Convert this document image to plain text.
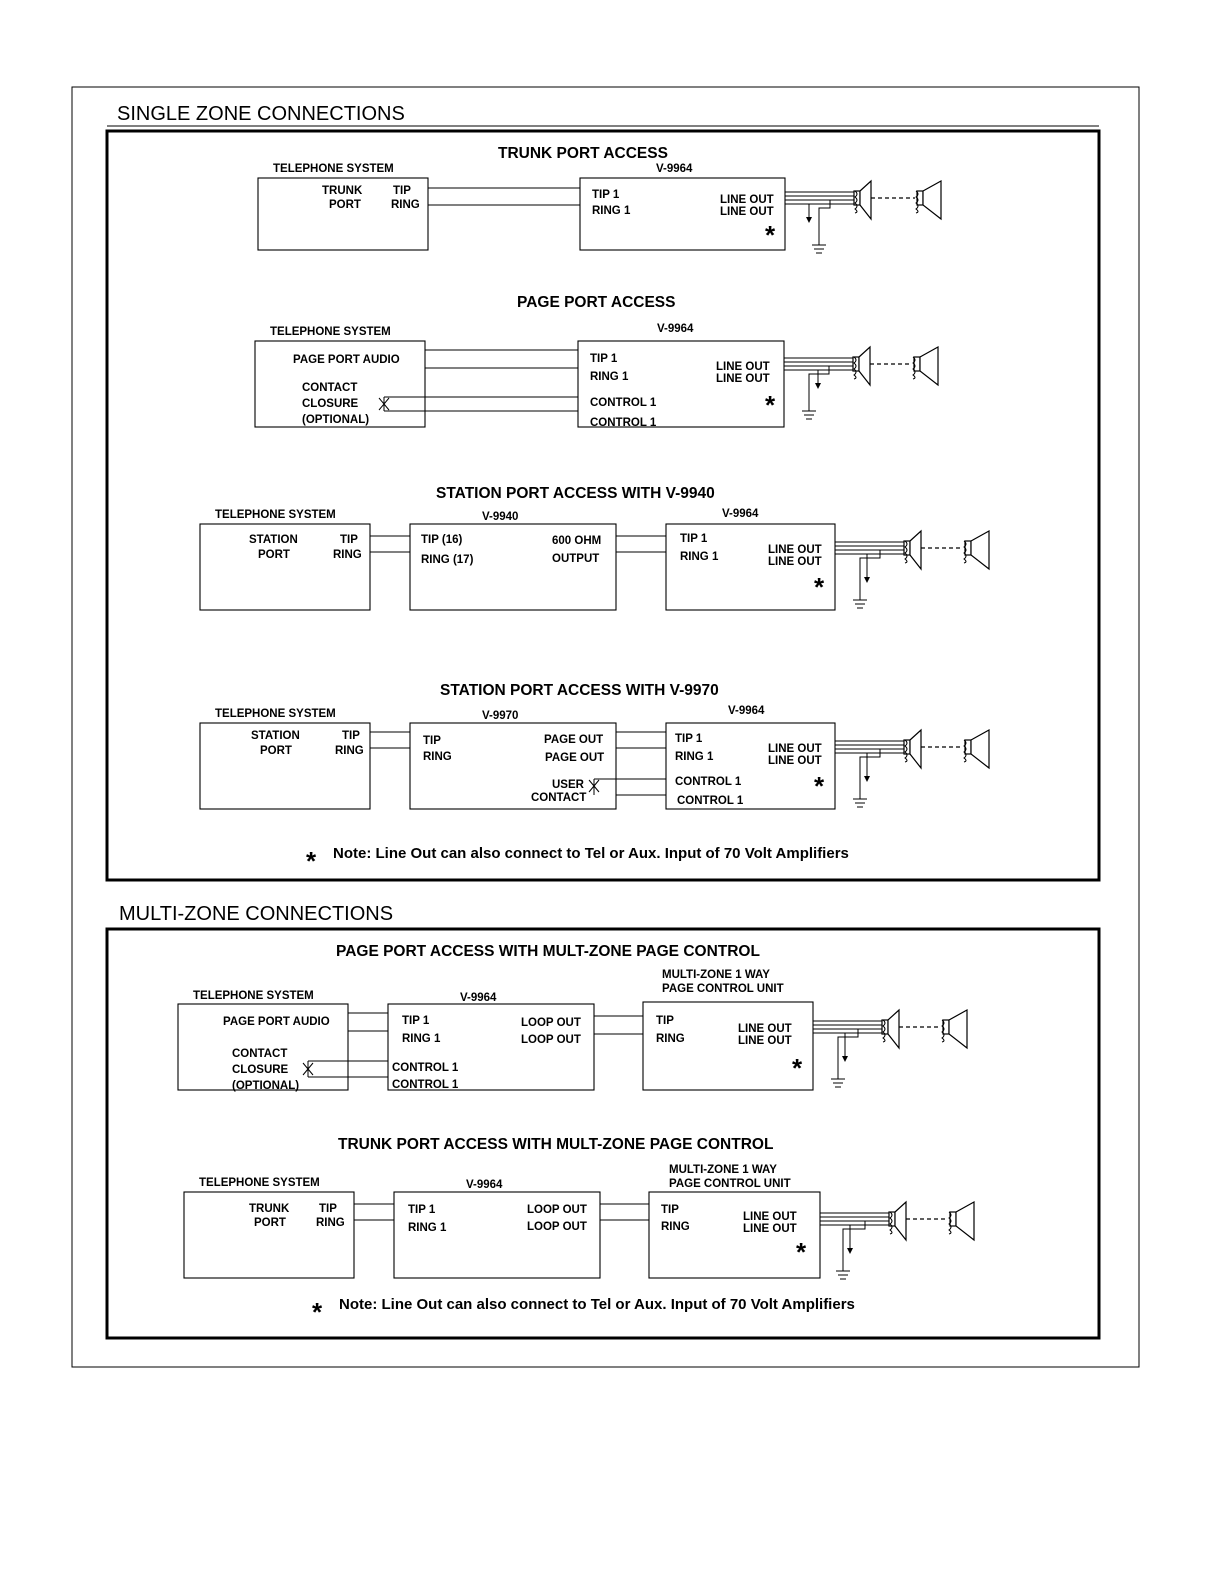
SINGLE ZONE CONNECTIONS
TRUNK PORT ACCESS
TELEPHONE SYSTEM
TRUNK
PORT
TIP
RING
V-9964
TIP 1
RING 1
LINE OUT
LINE OUT
*
PAGE PORT ACCESS
TELEPHONE SYSTEM
PAGE PORT AUDIO
CONTACT
CLOSURE
(OPTIONAL)
V-9964
TIP 1
RING 1
CONTROL 1
CONTROL 1
LINE OUT
LINE OUT
*
STATION PORT ACCESS WITH V-9940
TELEPHONE SYSTEM
STATION
PORT
TIP
RING
V-9940
TIP (16)
RING (17)
600 OHM
OUTPUT
V-9964
TIP 1
RING 1
LINE OUT
LINE OUT
*
STATION PORT ACCESS WITH V-9970
TELEPHONE SYSTEM
STATION
PORT
TIP
RING
V-9970
TIP
RING
PAGE OUT
PAGE OUT
USER
CONTACT
V-9964
TIP 1
RING 1
CONTROL 1
CONTROL 1
LINE OUT
LINE OUT
*
* Note: Line Out can also connect to Tel or Aux. Input of 70 Volt Amplifiers
MULTI-ZONE CONNECTIONS
PAGE PORT ACCESS WITH MULT-ZONE PAGE CONTROL
TELEPHONE SYSTEM
PAGE PORT AUDIO
CONTACT
CLOSURE
(OPTIONAL)
V-9964
TIP 1
RING 1
CONTROL 1
CONTROL 1
LOOP OUT
LOOP OUT
MULTI-ZONE 1 WAY
PAGE CONTROL UNIT
TIP
RING
LINE OUT
LINE OUT
*
TRUNK PORT ACCESS WITH MULT-ZONE PAGE CONTROL
TELEPHONE SYSTEM
TRUNK
PORT
TIP
RING
V-9964
TIP 1
RING 1
LOOP OUT
LOOP OUT
MULTI-ZONE 1 WAY
PAGE CONTROL UNIT
TIP
RING
LINE OUT
LINE OUT
*
* Note: Line Out can also connect to Tel or Aux. Input of 70 Volt Amplifiers
